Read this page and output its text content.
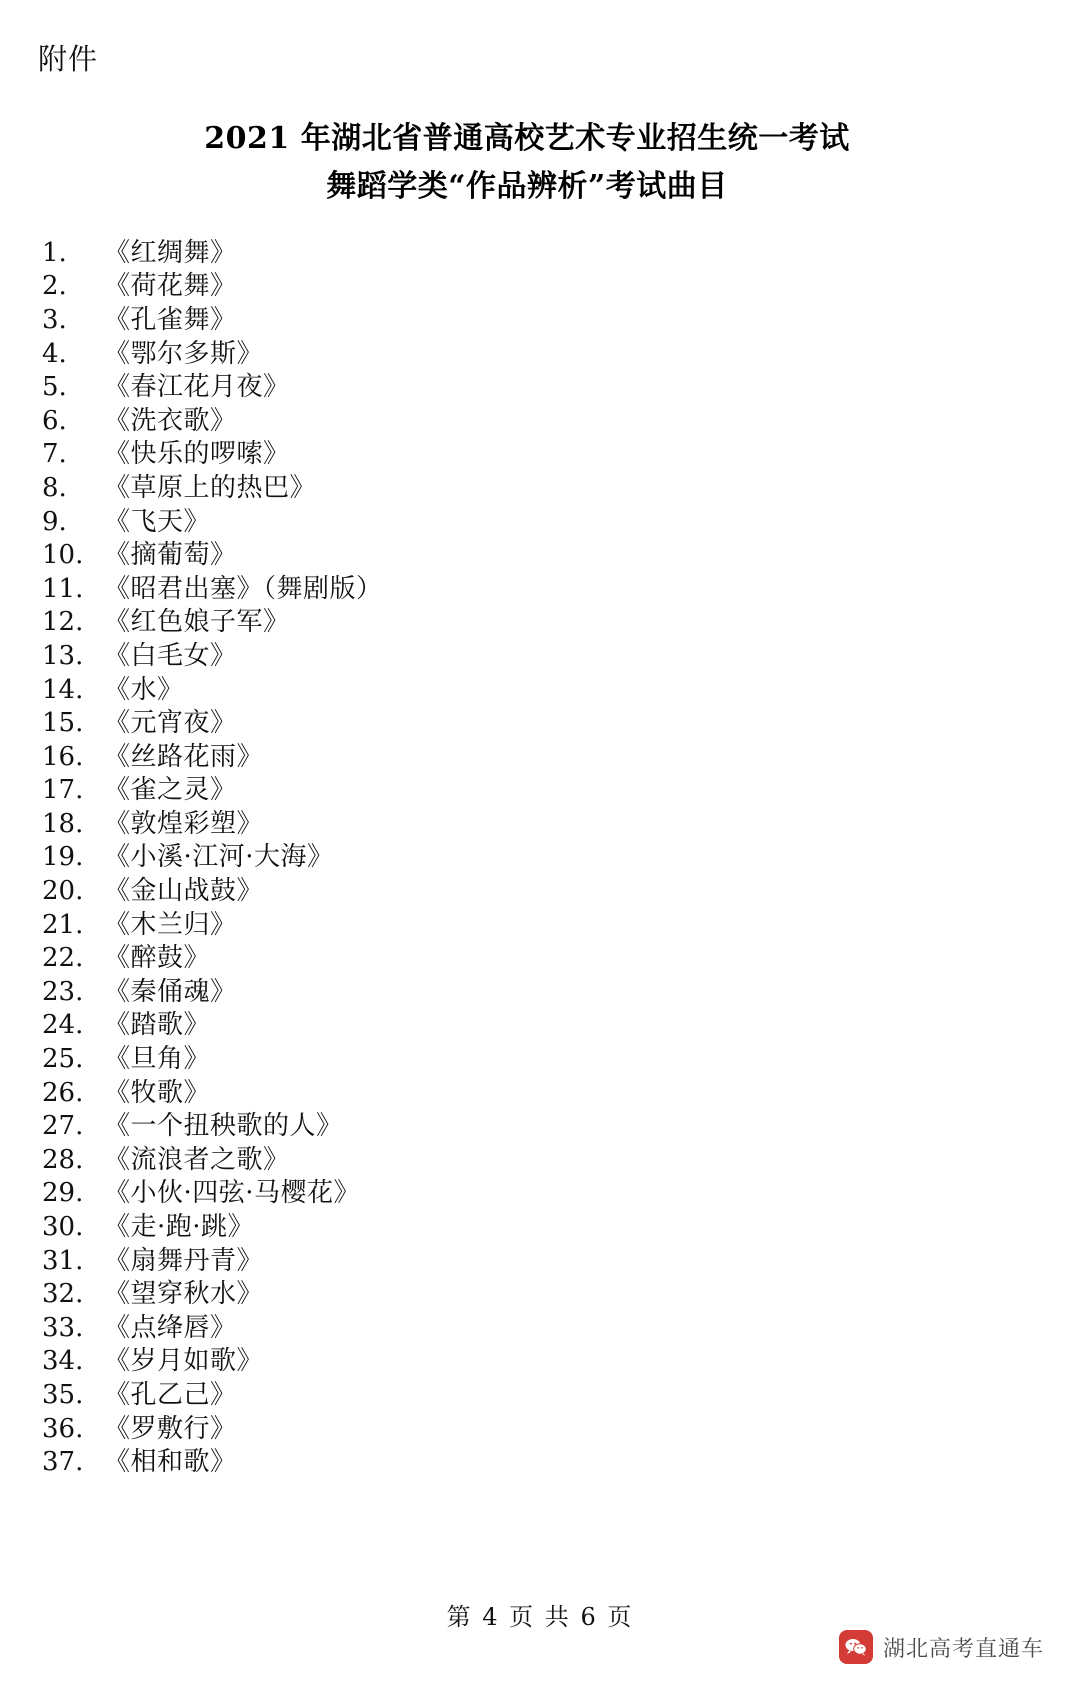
附件
2021 年湖北省普通高校艺术专业招生统一考试
舞蹈学类“作品辨析”考试曲目
1.	《红绸舞》
2.	《荷花舞》
3.	《孔雀舞》
4.	《鄂尔多斯》
5.	《春江花月夜》
6.	《洗衣歌》
7.	《快乐的啰嗦》
8.	《草原上的热巴》
9.	《飞天》
10. 《摘葡萄》
11. 《昭君出塞》（舞剧版）
12. 《红色娘子军》
13. 《白毛女》
14. 《水》
15. 《元宵夜》
16. 《丝路花雨》
17. 《雀之灵》
18. 《敦煌彩塑》
19. 《小溪·江河·大海》
20. 《金山战鼓》
21. 《木兰归》
22. 《醉鼓》
23. 《秦俑魂》
24. 《踏歌》
25. 《旦角》
26. 《牧歌》
27. 《一个扭秧歌的人》
28. 《流浪者之歌》
29. 《小伙·四弦·马樱花》
30. 《走·跑·跳》
31. 《扇舞丹青》
32. 《望穿秋水》
33. 《点绛唇》
34. 《岁月如歌》
35. 《孔乙己》
36. 《罗敷行》
37. 《相和歌》
第 4 页 共 6 页
湖北高考直通车
